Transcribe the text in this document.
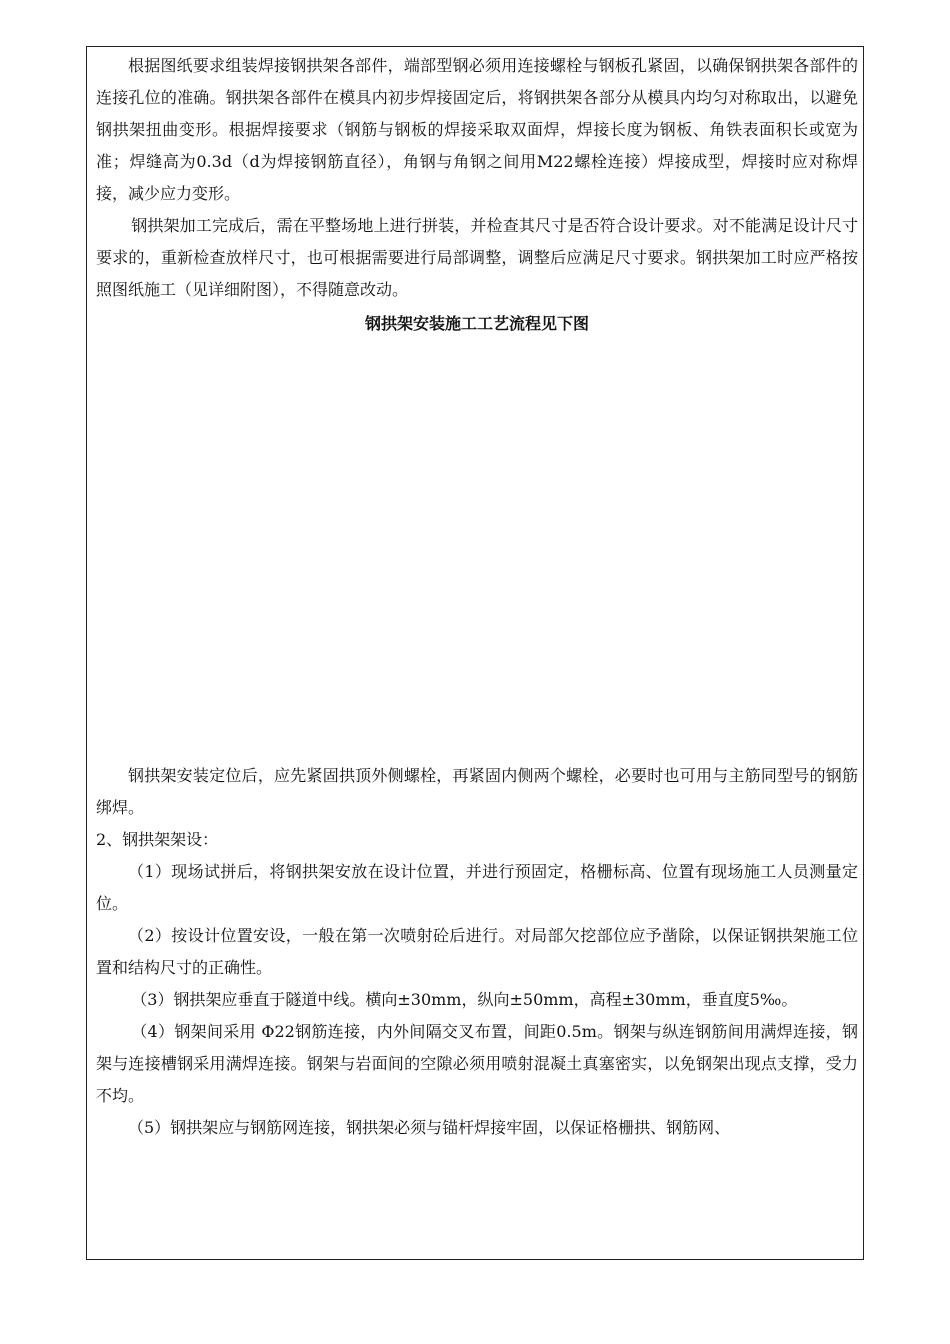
根据图纸要求组装焊接钢拱架各部件，端部型钢必须用连接螺栓与钢板孔紧固，以确保钢拱架各部件的连接孔位的准确。钢拱架各部件在模具内初步焊接固定后，将钢拱架各部分从模具内均匀对称取出，以避免钢拱架扭曲变形。根据焊接要求（钢筋与钢板的焊接采取双面焊，焊接长度为钢板、角铁表面积长或宽为准；焊缝高为0.3d（d为焊接钢筋直径），角钢与角钢之间用M22螺栓连接）焊接成型，焊接时应对称焊接，减少应力变形。

钢拱架加工完成后，需在平整场地上进行拼装，并检查其尺寸是否符合设计要求。对不能满足设计尺寸要求的，重新检查放样尺寸，也可根据需要进行局部调整，调整后应满足尺寸要求。钢拱架加工时应严格按照图纸施工（见详细附图），不得随意改动。

钢拱架安装施工工艺流程见下图

钢拱架安装定位后，应先紧固拱顶外侧螺栓，再紧固内侧两个螺栓，必要时也可用与主筋同型号的钢筋绑焊。

2、钢拱架架设：

（1）现场试拼后，将钢拱架安放在设计位置，并进行预固定，格栅标高、位置有现场施工人员测量定位。

（2）按设计位置安设，一般在第一次喷射砼后进行。对局部欠挖部位应予凿除，以保证钢拱架施工位置和结构尺寸的正确性。

（3）钢拱架应垂直于隧道中线。横向±30mm，纵向±50mm，高程±30mm，垂直度5‰。

（4）钢架间采用 Φ22钢筋连接，内外间隔交叉布置，间距0.5m。钢架与纵连钢筋间用满焊连接，钢架与连接槽钢采用满焊连接。钢架与岩面间的空隙必须用喷射混凝土真塞密实，以免钢架出现点支撑，受力不均。

（5）钢拱架应与钢筋网连接，钢拱架必须与锚杆焊接牢固，以保证格栅拱、钢筋网、
